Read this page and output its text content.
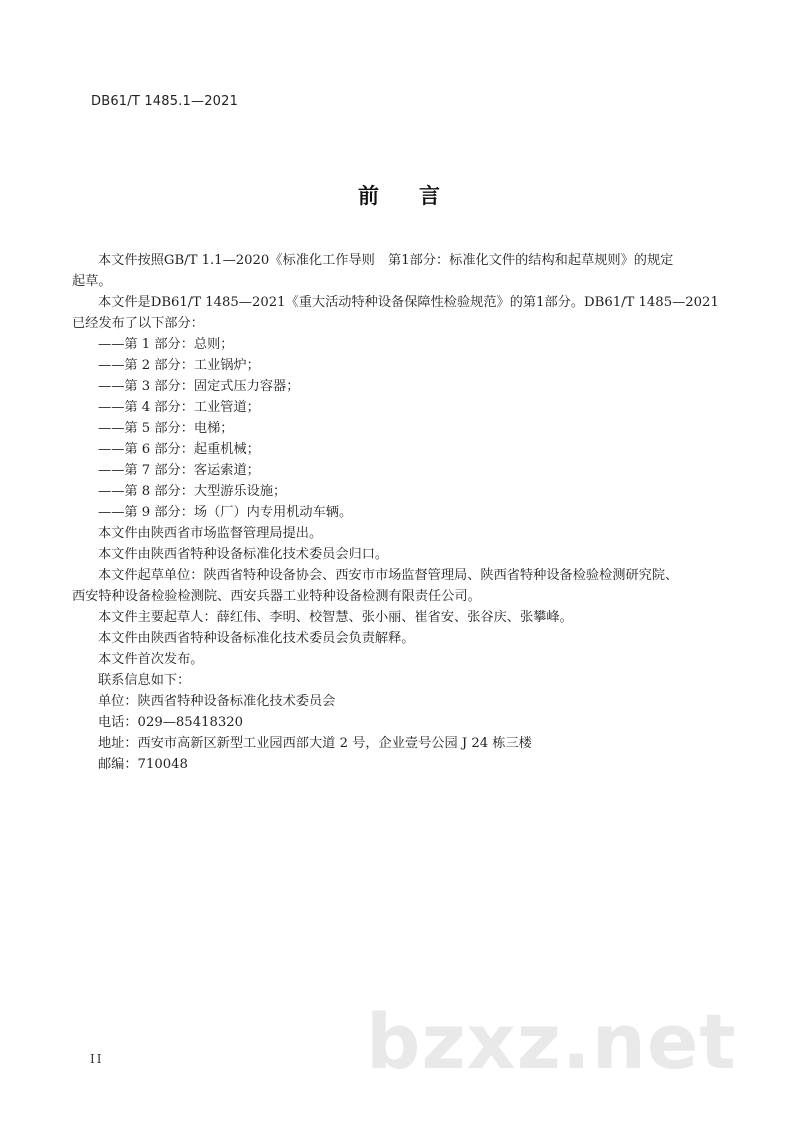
DB61/T 1485.1—2021
前 言
本文件按照GB/T 1.1—2020《标准化工作导则　第1部分：标准化文件的结构和起草规则》的规定
起草。
本文件是DB61/T 1485—2021《重大活动特种设备保障性检验规范》的第1部分。DB61/T 1485—2021
已经发布了以下部分：
——第 1 部分：总则；
——第 2 部分：工业锅炉；
——第 3 部分：固定式压力容器；
——第 4 部分：工业管道；
——第 5 部分：电梯；
——第 6 部分：起重机械；
——第 7 部分：客运索道；
——第 8 部分：大型游乐设施；
——第 9 部分：场（厂）内专用机动车辆。
本文件由陕西省市场监督管理局提出。
本文件由陕西省特种设备标准化技术委员会归口。
本文件起草单位：陕西省特种设备协会、西安市市场监督管理局、陕西省特种设备检验检测研究院、
西安特种设备检验检测院、西安兵器工业特种设备检测有限责任公司。
本文件主要起草人：薛红伟、李明、校智慧、张小丽、崔省安、张谷庆、张攀峰。
本文件由陕西省特种设备标准化技术委员会负责解释。
本文件首次发布。
联系信息如下：
单位：陕西省特种设备标准化技术委员会
电话：029—85418320
地址：西安市高新区新型工业园西部大道 2 号，企业壹号公园 J 24 栋三楼
邮编：710048
II	bzxz.net
